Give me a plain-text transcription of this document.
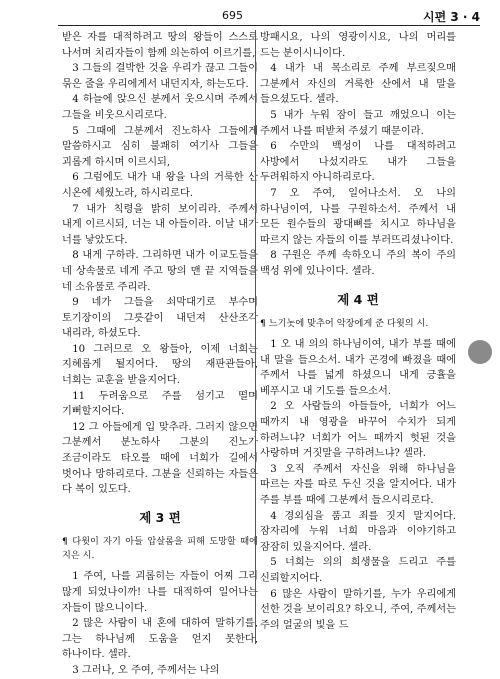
695	시편 3 · 4

받은 자를 대적하려고 땅의 왕들이 스스로 나서며 치리자들이 함께 의논하여 이르기를,

3 그들의 결박한 것을 우리가 끊고 그들이 묶은 줄을 우리에게서 내던지자, 하는도다.

4 하늘에 앉으신 분께서 웃으시며 주께서 그들을 비웃으시리로다.

5 그때에 그분께서 진노하사 그들에게 말씀하시고 심히 불쾌히 여기사 그들을 괴롭게 하시며 이르시되,

6 그럼에도 내가 내 왕을 나의 거룩한 산 시온에 세웠노라, 하시리로다.

7 내가 칙령을 밝히 보이리라. 주께서 내게 이르시되, 너는 내 아들이라. 이날 내가 너를 낳았도다.

8 내게 구하라. 그리하면 내가 이교도들을 네 상속물로 네게 주고 땅의 맨 끝 지역들을 네 소유물로 주리라.

9 네가 그들을 쇠막대기로 부수며 토기장이의 그릇같이 내던져 산산조각 내리라, 하셨도다.

10 그러므로 오 왕들아, 이제 너희는 지혜롭게 될지어다. 땅의 재판관들아, 너희는 교훈을 받을지어다.

11 두려움으로 주를 섬기고 떨며 기뻐할지어다.

12 그 아들에게 입 맞추라. 그러지 않으면 그분께서 분노하사 그분의 진노가 조금이라도 타오를 때에 너희가 길에서 벗어나 망하리로다. 그분을 신뢰하는 자들은 다 복이 있도다.

제 3 편

¶ 다윗이 자기 아들 압살롬을 피해 도망할 때에 지은 시.

1 주여, 나를 괴롭히는 자들이 어찌 그리 많게 되었나이까! 나를 대적하여 일어나는 자들이 많으니이다.

2 많은 사람이 내 혼에 대하여 말하기를, 그는 하나님께 도움을 얻지 못한다, 하나이다. 셀라.

3 그러나, 오 주여, 주께서는 나의

방패시요, 나의 영광이시요, 나의 머리를 드는 분이시니이다.

4 내가 내 목소리로 주께 부르짖으매 그분께서 자신의 거룩한 산에서 내 말을 들으셨도다. 셀라.

5 내가 누워 잠이 들고 깨었으니 이는 주께서 나를 떠받쳐 주셨기 때문이라.

6 수만의 백성이 나를 대적하려고 사방에서 나섰지라도 내가 그들을 두려워하지 아니하리로다.

7 오 주여, 일어나소서. 오 나의 하나님이여, 나를 구원하소서. 주께서 내 모든 원수들의 광대뼈를 치시고 하나님을 따르지 않는 자들의 이를 부러뜨리셨나이다.

8 구원은 주께 속하오니 주의 복이 주의 백성 위에 있나이다. 셀라.

제 4 편

¶ 느기놋에 맞추어 악장에게 준 다윗의 시.

1 오 내 의의 하나님이여, 내가 부를 때에 내 말을 들으소서. 내가 곤경에 빠졌을 때에 주께서 나를 넓게 하셨으니 내게 긍휼을 베푸시고 내 기도를 들으소서.

2 오 사람들의 아들들아, 너희가 어느 때까지 내 영광을 바꾸어 수치가 되게 하려느냐? 너희가 어느 때까지 헛된 것을 사랑하며 거짓말을 구하려느냐? 셀라.

3 오직 주께서 자신을 위해 하나님을 따르는 자를 따로 두신 것을 알지어다. 내가 주를 부를 때에 그분께서 들으시리로다.

4 경외심을 품고 죄를 짓지 말지어다. 잠자리에 누워 너희 마음과 이야기하고 잠잠히 있을지어다. 셀라.

5 너희는 의의 희생물을 드리고 주를 신뢰할지어다.

6 많은 사람이 말하기를, 누가 우리에게 선한 것을 보이리요? 하오니, 주여, 주께서는 주의 얼굴의 빛을 드
